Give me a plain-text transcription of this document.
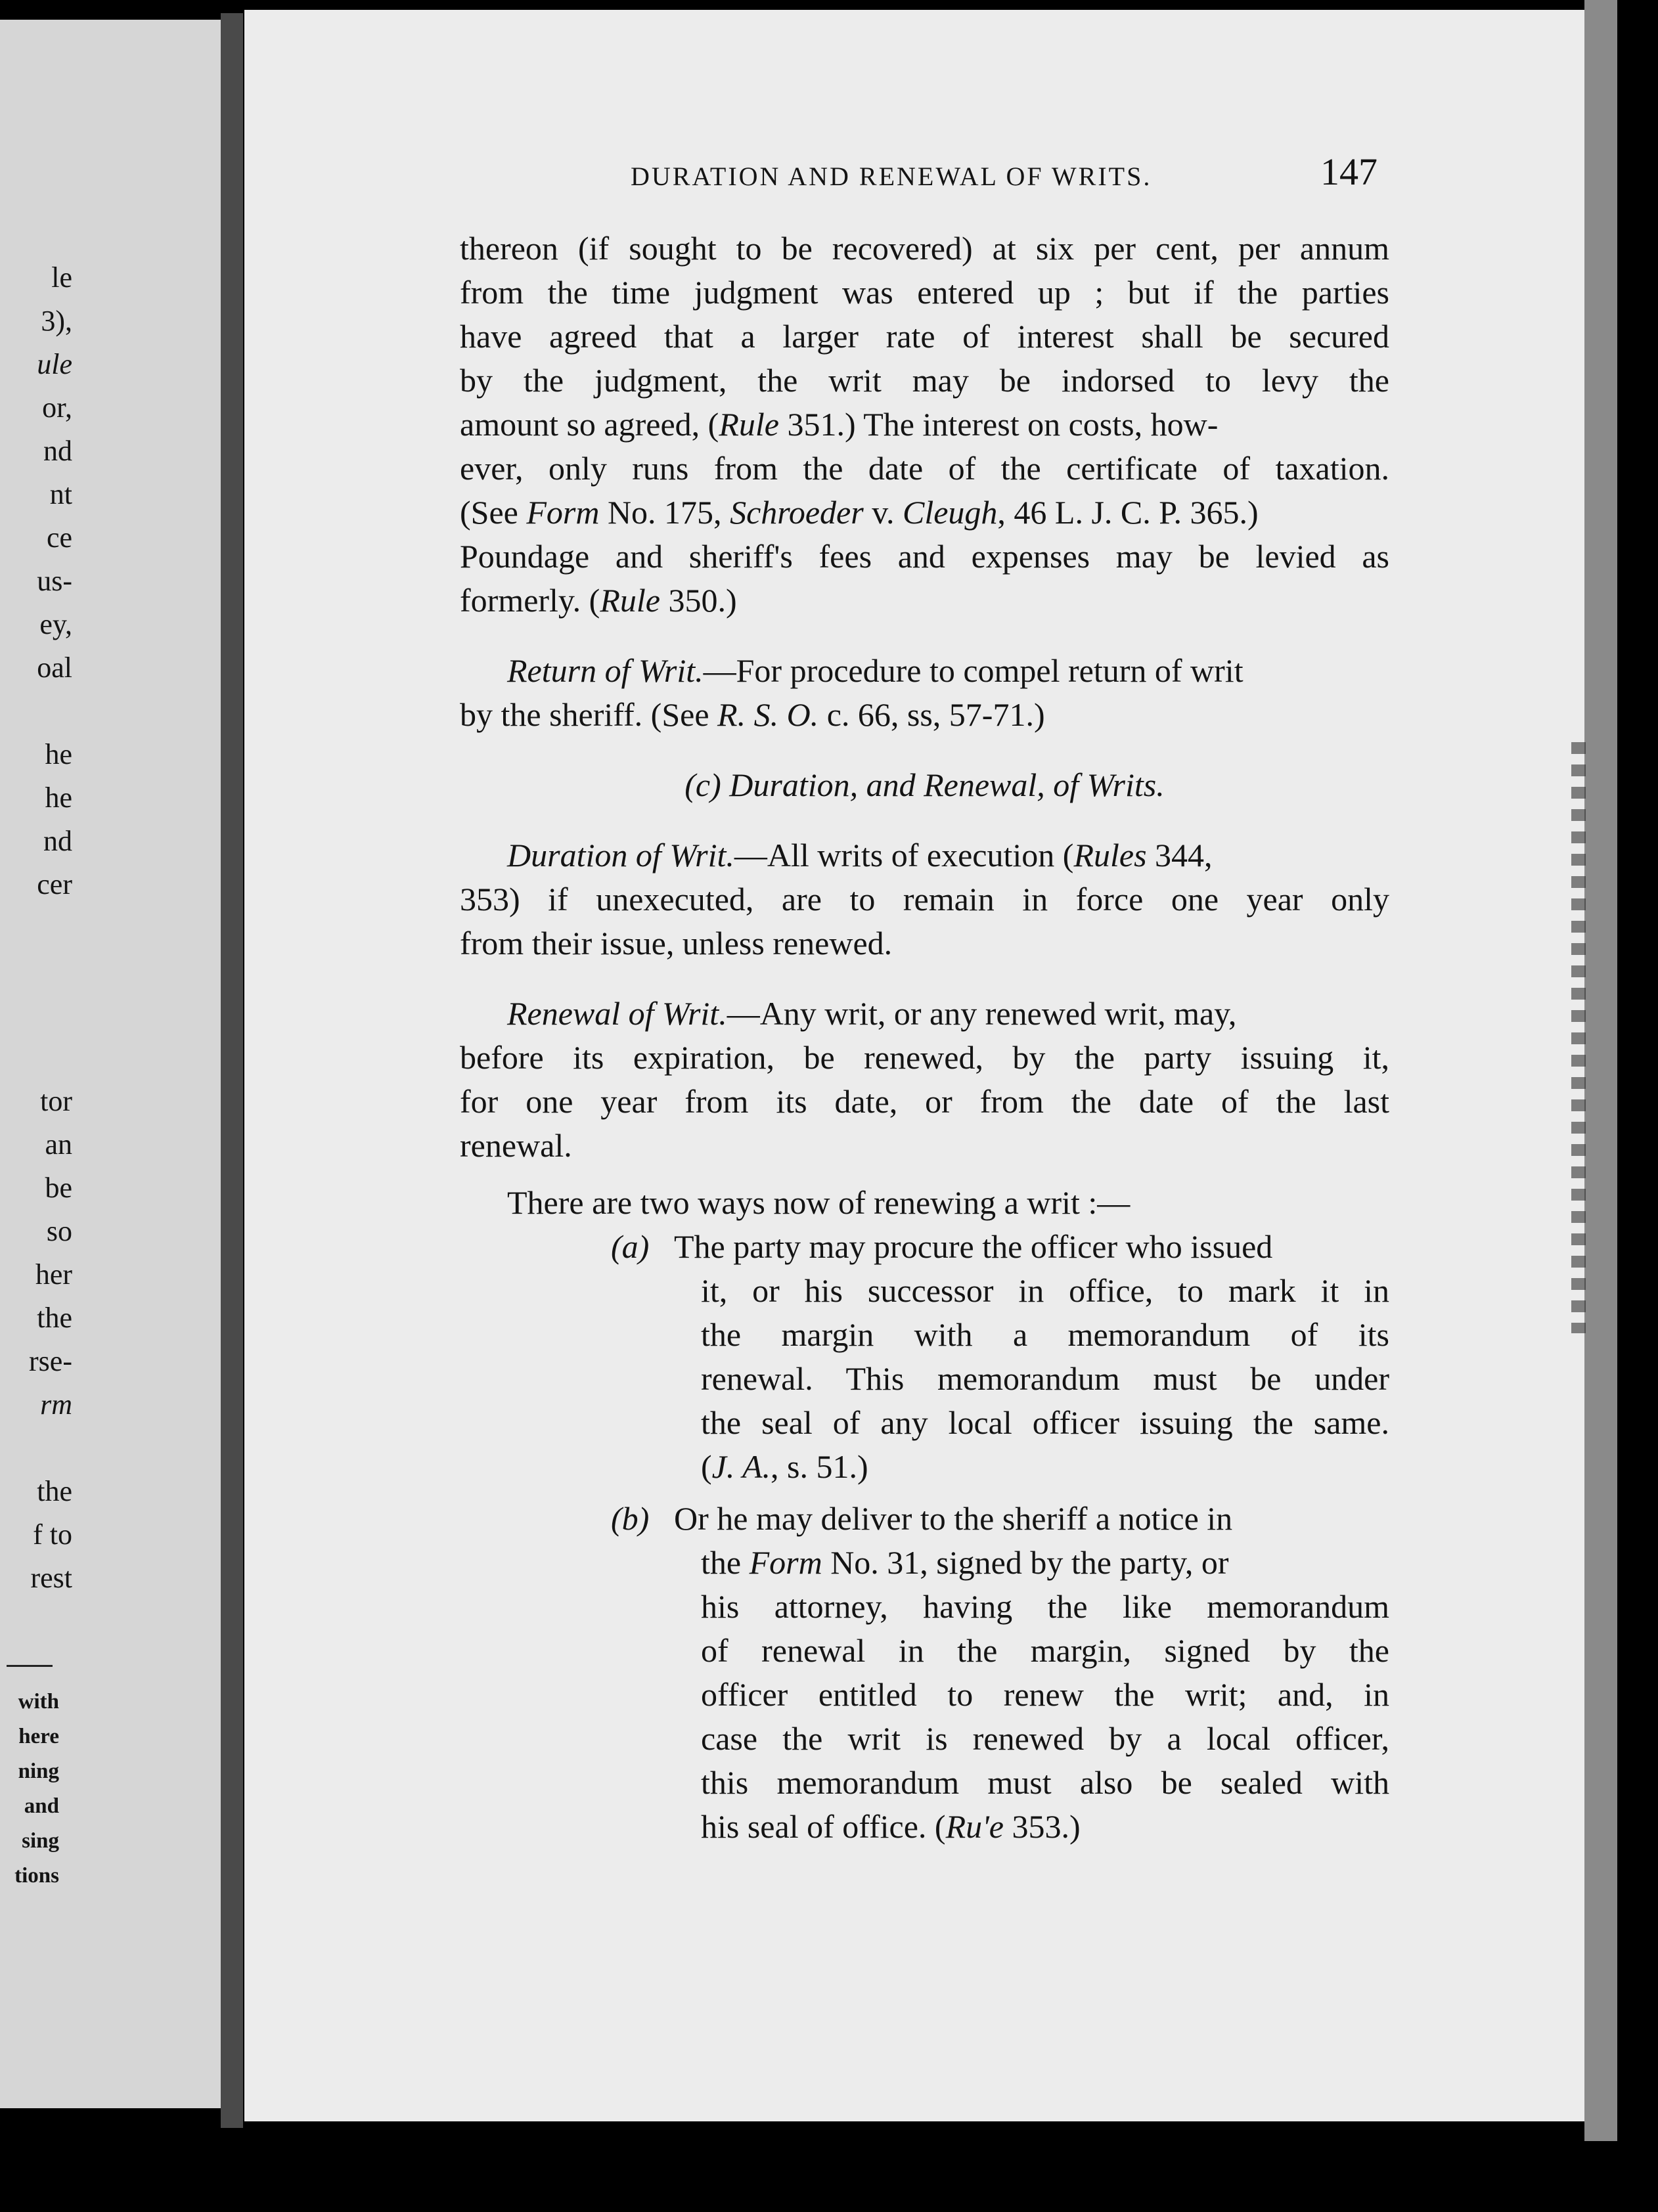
le
3),
ule
or,
nd
nt
ce
us-
ey,
oal
he
he
nd
cer
tor
an
be
so
her
the
rse-
rm
the
f to
rest
with
here
ning
and
sing
tions
DURATION AND RENEWAL OF WRITS.	147
thereon (if sought to be recovered) at six per cent, per annum
from the time judgment was entered up ; but if the parties
have agreed that a larger rate of interest shall be secured
by the judgment, the writ may be indorsed to levy the
amount so agreed, (Rule 351.) The interest on costs, how-
ever, only runs from the date of the certificate of taxation.
(See Form No. 175, Schroeder v. Cleugh, 46 L. J. C. P. 365.)
Poundage and sheriff's fees and expenses may be levied as
formerly. (Rule 350.)
Return of Writ.—For procedure to compel return of writ
by the sheriff. (See R. S. O. c. 66, ss, 57-71.)
(c) Duration, and Renewal, of Writs.
Duration of Writ.—All writs of execution (Rules 344,
353) if unexecuted, are to remain in force one year only
from their issue, unless renewed.
Renewal of Writ.—Any writ, or any renewed writ, may,
before its expiration, be renewed, by the party issuing it,
for one year from its date, or from the date of the last
renewal.
There are two ways now of renewing a writ :—
(a) The party may procure the officer who issued
it, or his successor in office, to mark it in
the margin with a memorandum of its
renewal. This memorandum must be under
the seal of any local officer issuing the same.
(J. A., s. 51.)
(b) Or he may deliver to the sheriff a notice in
the Form No. 31, signed by the party, or
his attorney, having the like memorandum
of renewal in the margin, signed by the
officer entitled to renew the writ; and, in
case the writ is renewed by a local officer,
this memorandum must also be sealed with
his seal of office. (Ru'e 353.)
